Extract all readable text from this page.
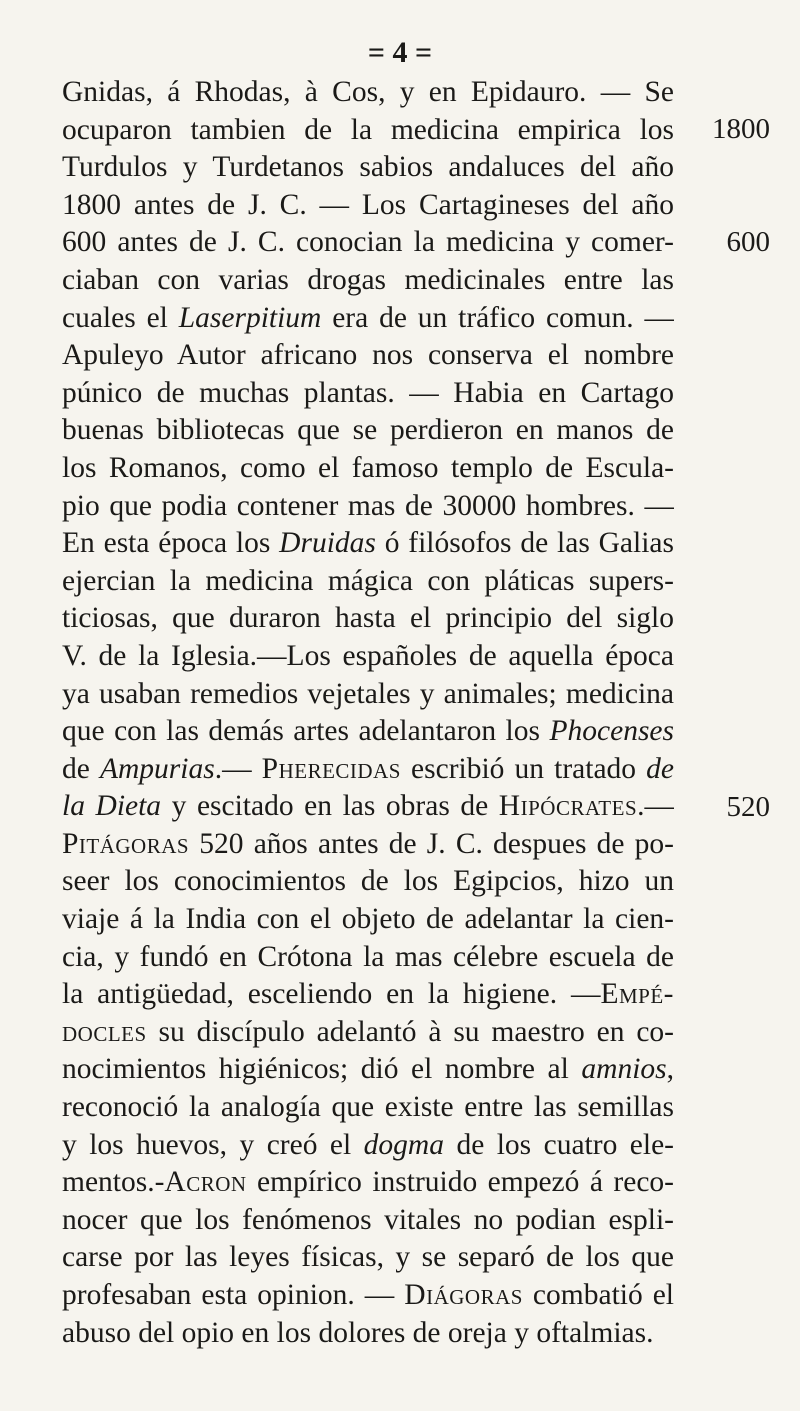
= 4 =
Gnidas, á Rhodas, à Cos, y en Epidauro. — Se
ocuparon tambien de la medicina empirica los
Turdulos y Turdetanos sabios andaluces del año
1800 antes de J. C. — Los Cartagineses del año
600 antes de J. C. conocian la medicina y comer-
ciaban con varias drogas medicinales entre las
cuales el Laserpitium era de un tráfico comun. —
Apuleyo Autor africano nos conserva el nombre
púnico de muchas plantas. — Habia en Cartago
buenas bibliotecas que se perdieron en manos de
los Romanos, como el famoso templo de Escula-
pio que podia contener mas de 30000 hombres. —
En esta época los Druidas ó filósofos de las Galias
ejercian la medicina mágica con pláticas supers-
ticiosas, que duraron hasta el principio del siglo
V. de la Iglesia.—Los españoles de aquella época
ya usaban remedios vejetales y animales; medicina
que con las demás artes adelantaron los Phocenses
de Ampurias.— Pherecidas escribió un tratado de
la Dieta y escitado en las obras de Hipócrates.—
Pitágoras 520 años antes de J. C. despues de po-
seer los conocimientos de los Egipcios, hizo un
viaje á la India con el objeto de adelantar la cien-
cia, y fundó en Crótona la mas célebre escuela de
la antigüedad, esceliendo en la higiene. —Empé-
docles su discípulo adelantó à su maestro en co-
nocimientos higiénicos; dió el nombre al amnios,
reconoció la analogía que existe entre las semillas
y los huevos, y creó el dogma de los cuatro ele-
mentos.-Acron empírico instruido empezó á reco-
nocer que los fenómenos vitales no podian espli-
carse por las leyes físicas, y se separó de los que
profesaban esta opinion. — Diágoras combatió el
abuso del opio en los dolores de oreja y oftalmias.
1800
600
520
